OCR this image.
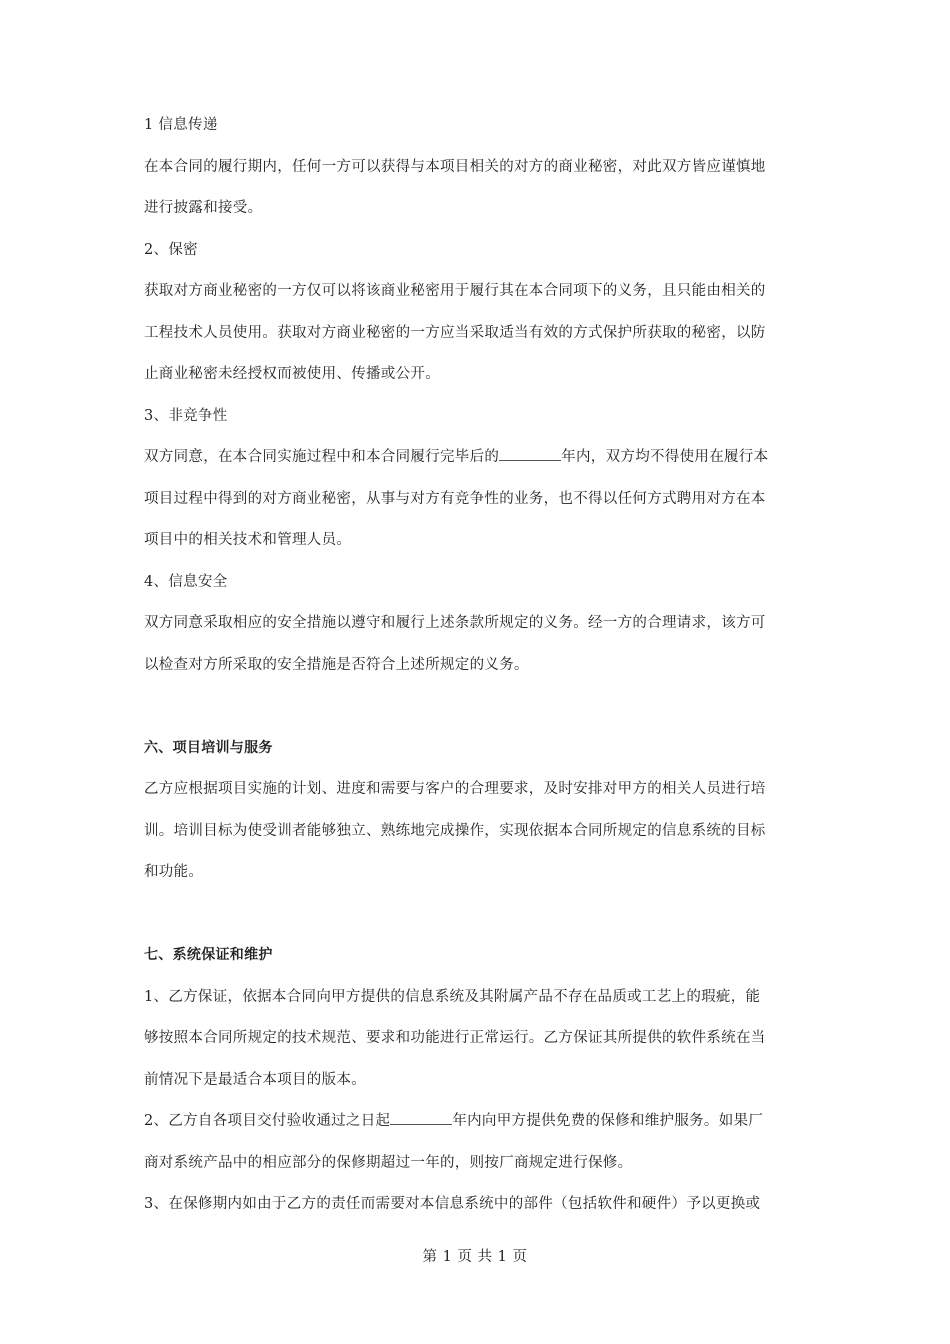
1 信息传递
在本合同的履行期内，任何一方可以获得与本项目相关的对方的商业秘密，对此双方皆应谨慎地
进行披露和接受。
2、保密
获取对方商业秘密的一方仅可以将该商业秘密用于履行其在本合同项下的义务，且只能由相关的
工程技术人员使用。获取对方商业秘密的一方应当采取适当有效的方式保护所获取的秘密，以防
止商业秘密未经授权而被使用、传播或公开。
3、非竞争性
双方同意，在本合同实施过程中和本合同履行完毕后的	年内，双方均不得使用在履行本
项目过程中得到的对方商业秘密，从事与对方有竞争性的业务，也不得以任何方式聘用对方在本
项目中的相关技术和管理人员。
4、信息安全
双方同意采取相应的安全措施以遵守和履行上述条款所规定的义务。经一方的合理请求，该方可
以检查对方所采取的安全措施是否符合上述所规定的义务。
六、项目培训与服务
乙方应根据项目实施的计划、进度和需要与客户的合理要求，及时安排对甲方的相关人员进行培
训。培训目标为使受训者能够独立、熟练地完成操作，实现依据本合同所规定的信息系统的目标
和功能。
七、系统保证和维护
1、乙方保证，依据本合同向甲方提供的信息系统及其附属产品不存在品质或工艺上的瑕疵，能
够按照本合同所规定的技术规范、要求和功能进行正常运行。乙方保证其所提供的软件系统在当
前情况下是最适合本项目的版本。
2、乙方自各项目交付验收通过之日起	年内向甲方提供免费的保修和维护服务。如果厂
商对系统产品中的相应部分的保修期超过一年的，则按厂商规定进行保修。
3、在保修期内如由于乙方的责任而需要对本信息系统中的部件（包括软件和硬件）予以更换或
第 1 页 共 1 页
